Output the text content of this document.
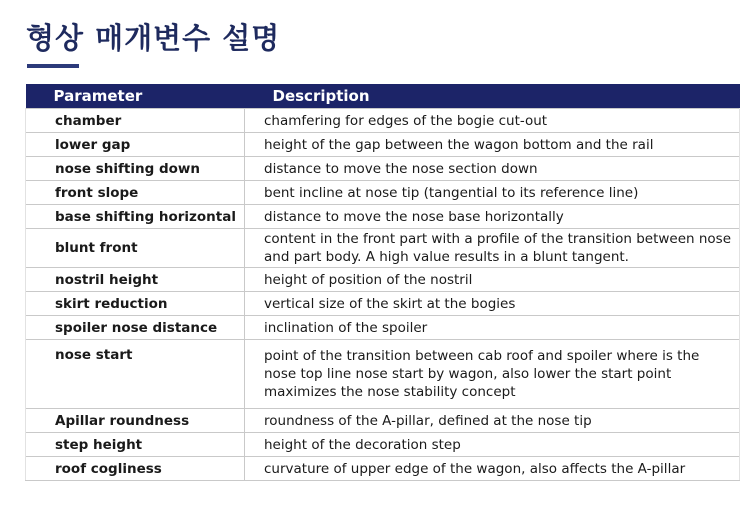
형상 매개변수 설명
Parameter	Description
chamber	chamfering for edges of the bogie cut-out
lower gap	height of the gap between the wagon bottom and the rail
nose shifting down	distance to move the nose section down
front slope	bent incline at nose tip (tangential to its reference line)
base shifting horizontal	distance to move the nose base horizontally
blunt front	content in the front part with a profile of the transition between nose and part body. A high value results in a blunt tangent.
nostril height	height of position of the nostril
skirt reduction	vertical size of the skirt at the bogies
spoiler nose distance	inclination of the spoiler
nose start	point of the transition between cab roof and spoiler where is the nose top line nose start by wagon, also lower the start point maximizes the nose stability concept
Apillar roundness	roundness of the A-pillar, defined at the nose tip
step height	height of the decoration step
roof cogliness	curvature of upper edge of the wagon, also affects the A-pillar
